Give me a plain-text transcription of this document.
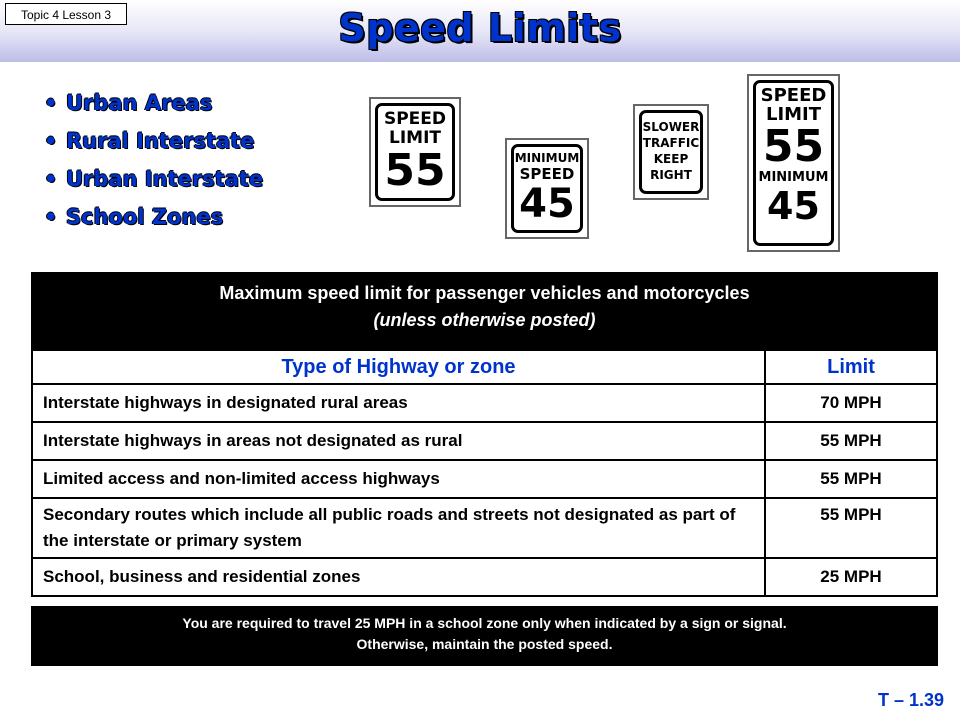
Topic 4 Lesson 3	Speed Limits
• Urban Areas
• Rural Interstate
• Urban Interstate
• School Zones
SPEED
LIMIT
55	MINIMUM
SPEED
45
SLOWER
TRAFFIC
KEEP
RIGHT
SPEED
LIMIT
55
MINIMUM
45
Maximum speed limit for passenger vehicles and motorcycles
(unless otherwise posted)
Type of Highway or zone	Limit
Interstate highways in designated rural areas	70 MPH
Interstate highways in areas not designated as rural	55 MPH
Limited access and non-limited access highways	55 MPH
Secondary routes which include all public roads and streets not designated as part of the interstate or primary system	55 MPH
School, business and residential zones	25 MPH
You are required to travel 25 MPH in a school zone only when indicated by a sign or signal.
Otherwise, maintain the posted speed.
T – 1.39
